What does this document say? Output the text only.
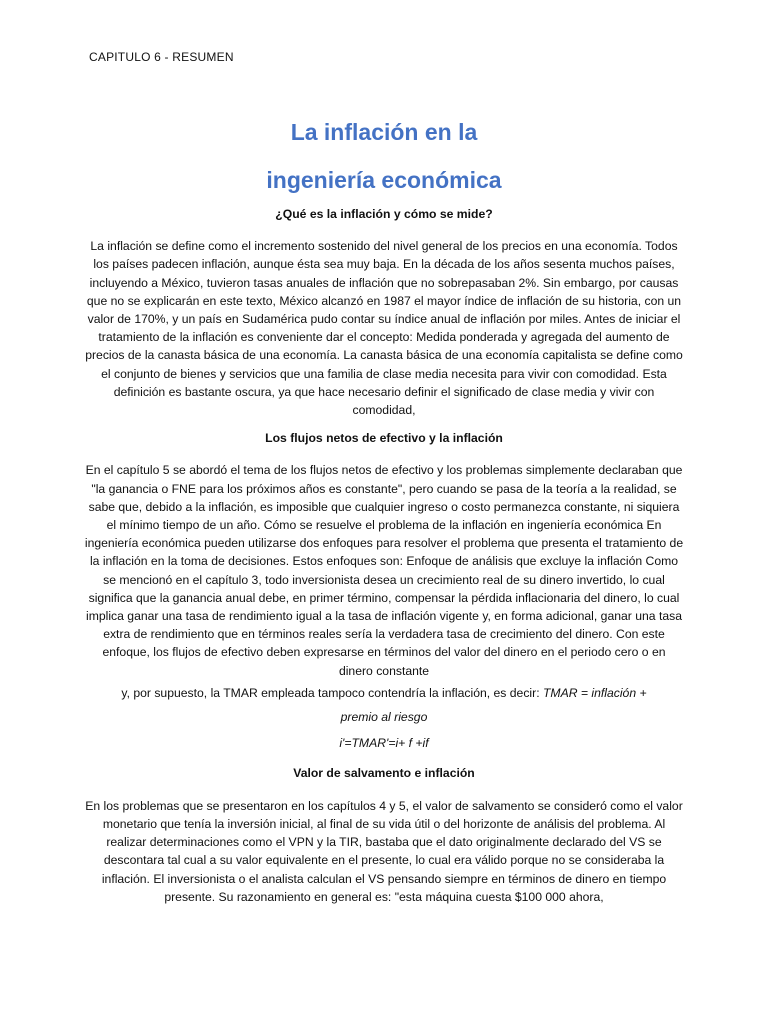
CAPITULO 6 - RESUMEN
La inflación en la
ingeniería económica
¿Qué es la inflación y cómo se mide?
La inflación se define como el incremento sostenido del nivel general de los precios en una economía. Todos los países padecen inflación, aunque ésta sea muy baja. En la década de los años sesenta muchos países, incluyendo a México, tuvieron tasas anuales de inflación que no sobrepasaban 2%. Sin embargo, por causas que no se explicarán en este texto, México alcanzó en 1987 el mayor índice de inflación de su historia, con un valor de 170%, y un país en Sudamérica pudo contar su índice anual de inflación por miles. Antes de iniciar el tratamiento de la inflación es conveniente dar el concepto: Medida ponderada y agregada del aumento de precios de la canasta básica de una economía. La canasta básica de una economía capitalista se define como el conjunto de bienes y servicios que una familia de clase media necesita para vivir con comodidad. Esta definición es bastante oscura, ya que hace necesario definir el significado de clase media y vivir con comodidad,
Los flujos netos de efectivo y la inflación
En el capítulo 5 se abordó el tema de los flujos netos de efectivo y los problemas simplemente declaraban que "la ganancia o FNE para los próximos años es constante", pero cuando se pasa de la teoría a la realidad, se sabe que, debido a la inflación, es imposible que cualquier ingreso o costo permanezca constante, ni siquiera el mínimo tiempo de un año. Cómo se resuelve el problema de la inflación en ingeniería económica En ingeniería económica pueden utilizarse dos enfoques para resolver el problema que presenta el tratamiento de la inflación en la toma de decisiones. Estos enfoques son: Enfoque de análisis que excluye la inflación Como se mencionó en el capítulo 3, todo inversionista desea un crecimiento real de su dinero invertido, lo cual significa que la ganancia anual debe, en primer término, compensar la pérdida inflacionaria del dinero, lo cual implica ganar una tasa de rendimiento igual a la tasa de inflación vigente y, en forma adicional, ganar una tasa extra de rendimiento que en términos reales sería la verdadera tasa de crecimiento del dinero. Con este enfoque, los flujos de efectivo deben expresarse en términos del valor del dinero en el periodo cero o en dinero constante
y, por supuesto, la TMAR empleada tampoco contendría la inflación, es decir: TMAR = inflación +
premio al riesgo
i'=TMAR'=i+ f +if
Valor de salvamento e inflación
En los problemas que se presentaron en los capítulos 4 y 5, el valor de salvamento se consideró como el valor monetario que tenía la inversión inicial, al final de su vida útil o del horizonte de análisis del problema. Al realizar determinaciones como el VPN y la TIR, bastaba que el dato originalmente declarado del VS se descontara tal cual a su valor equivalente en el presente, lo cual era válido porque no se consideraba la inflación. El inversionista o el analista calculan el VS pensando siempre en términos de dinero en tiempo presente. Su razonamiento en general es: "esta máquina cuesta $100 000 ahora,
